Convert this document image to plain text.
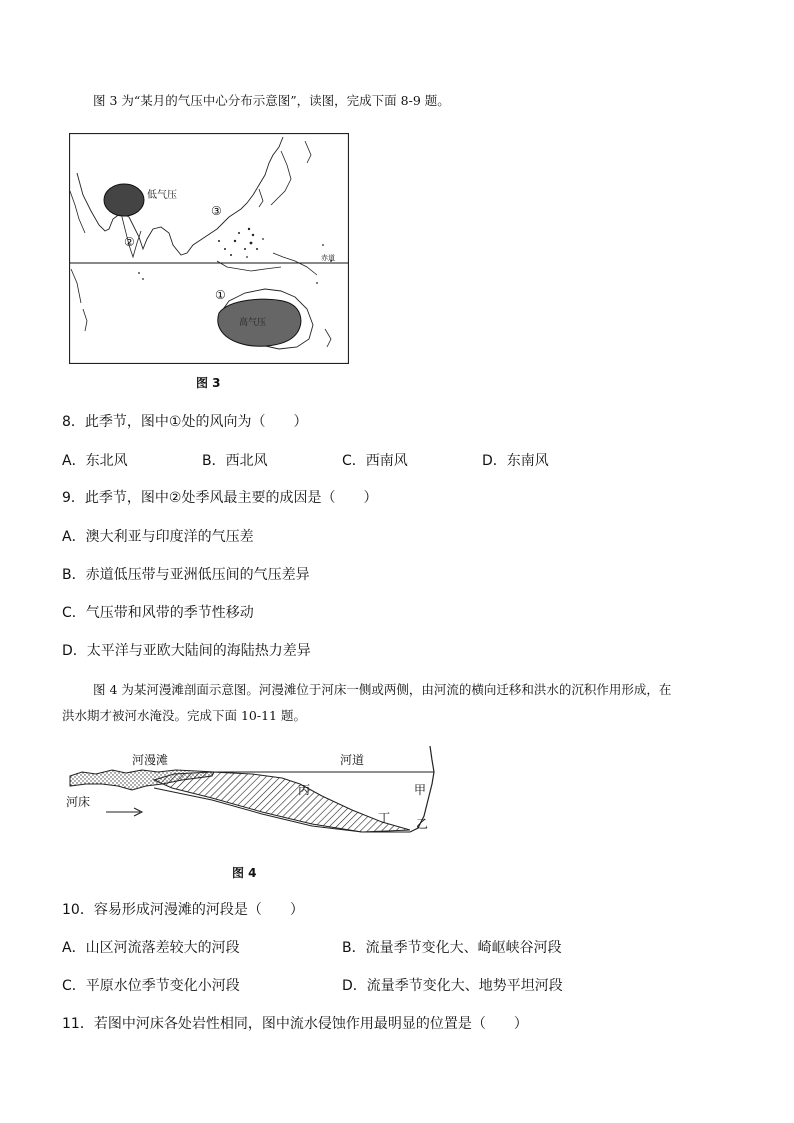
图 3 为“某月的气压中心分布示意图”，读图，完成下面 8-9 题。
赤道
低气压
高气压
③
②
①
图 3
8．此季节，图中①处的风向为（　　）
A．东北风	B．西北风	C．西南风	D．东南风
9．此季节，图中②处季风最主要的成因是（　　）
A．澳大利亚与印度洋的气压差
B．赤道低压带与亚洲低压间的气压差异
C．气压带和风带的季节性移动
D．太平洋与亚欧大陆间的海陆热力差异
图 4 为某河漫滩剖面示意图。河漫滩位于河床一侧或两侧，由河流的横向迁移和洪水的沉积作用形成，在
洪水期才被河水淹没。完成下面 10-11 题。
河漫滩	河道
河床
丙	甲
丁 乙
图 4
10．容易形成河漫滩的河段是（　　）
A．山区河流落差较大的河段	B．流量季节变化大、崎岖峡谷河段
C．平原水位季节变化小河段	D．流量季节变化大、地势平坦河段
11．若图中河床各处岩性相同，图中流水侵蚀作用最明显的位置是（　　）
